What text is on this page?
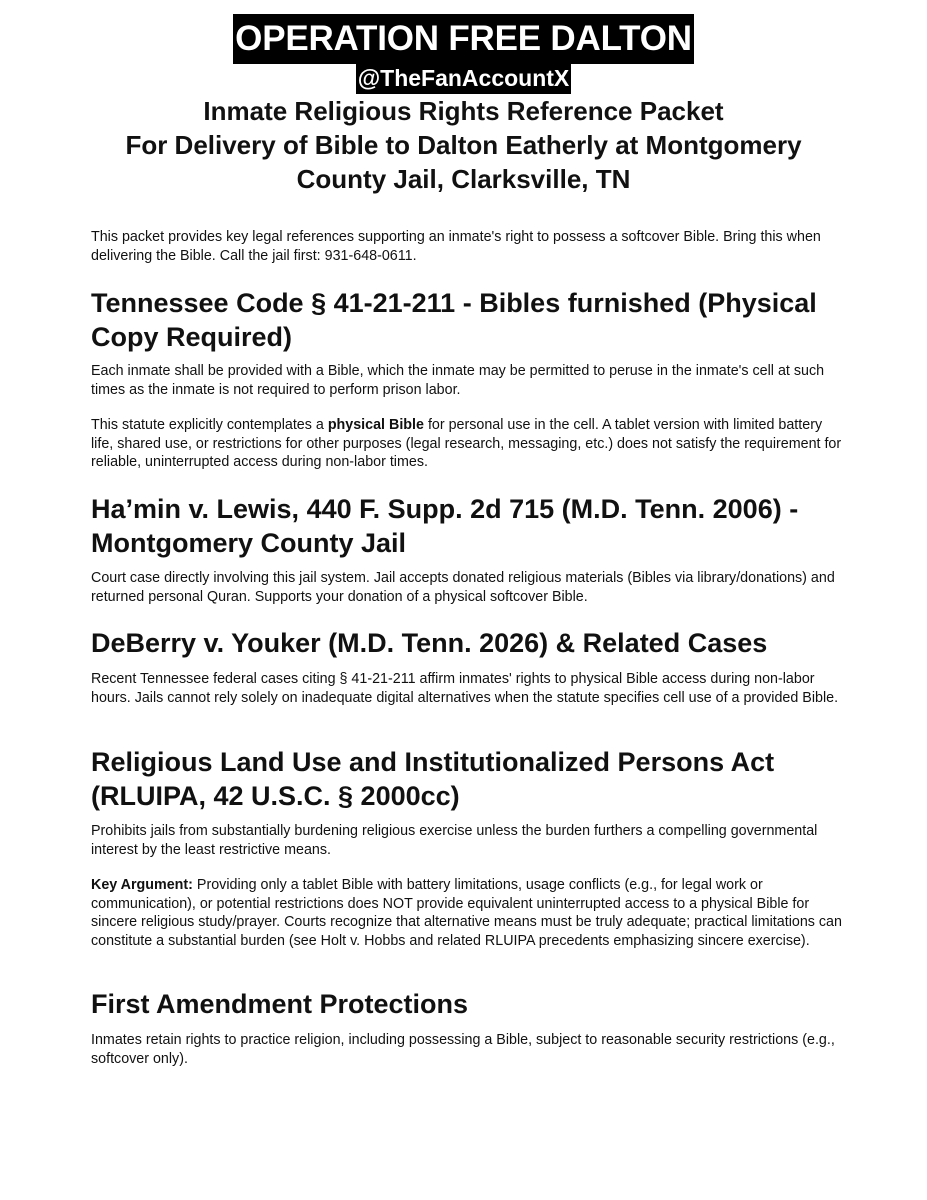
OPERATION FREE DALTON
@TheFanAccountX
Inmate Religious Rights Reference Packet
For Delivery of Bible to Dalton Eatherly at Montgomery
County Jail, Clarksville, TN

This packet provides key legal references supporting an inmate's right to possess a softcover Bible. Bring this when delivering the Bible. Call the jail first: 931-648-0611.

Tennessee Code § 41-21-211 - Bibles furnished (Physical Copy Required)

Each inmate shall be provided with a Bible, which the inmate may be permitted to peruse in the inmate's cell at such times as the inmate is not required to perform prison labor.

This statute explicitly contemplates a physical Bible for personal use in the cell. A tablet version with limited battery life, shared use, or restrictions for other purposes (legal research, messaging, etc.) does not satisfy the requirement for reliable, uninterrupted access during non-labor times.

Ha’min v. Lewis, 440 F. Supp. 2d 715 (M.D. Tenn. 2006) - Montgomery County Jail

Court case directly involving this jail system. Jail accepts donated religious materials (Bibles via library/donations) and returned personal Quran. Supports your donation of a physical softcover Bible.

DeBerry v. Youker (M.D. Tenn. 2026) & Related Cases

Recent Tennessee federal cases citing § 41-21-211 affirm inmates' rights to physical Bible access during non-labor hours. Jails cannot rely solely on inadequate digital alternatives when the statute specifies cell use of a provided Bible.

Religious Land Use and Institutionalized Persons Act (RLUIPA, 42 U.S.C. § 2000cc)

Prohibits jails from substantially burdening religious exercise unless the burden furthers a compelling governmental interest by the least restrictive means.

Key Argument: Providing only a tablet Bible with battery limitations, usage conflicts (e.g., for legal work or communication), or potential restrictions does NOT provide equivalent uninterrupted access to a physical Bible for sincere religious study/prayer. Courts recognize that alternative means must be truly adequate; practical limitations can constitute a substantial burden (see Holt v. Hobbs and related RLUIPA precedents emphasizing sincere exercise).

First Amendment Protections

Inmates retain rights to practice religion, including possessing a Bible, subject to reasonable security restrictions (e.g., softcover only).
